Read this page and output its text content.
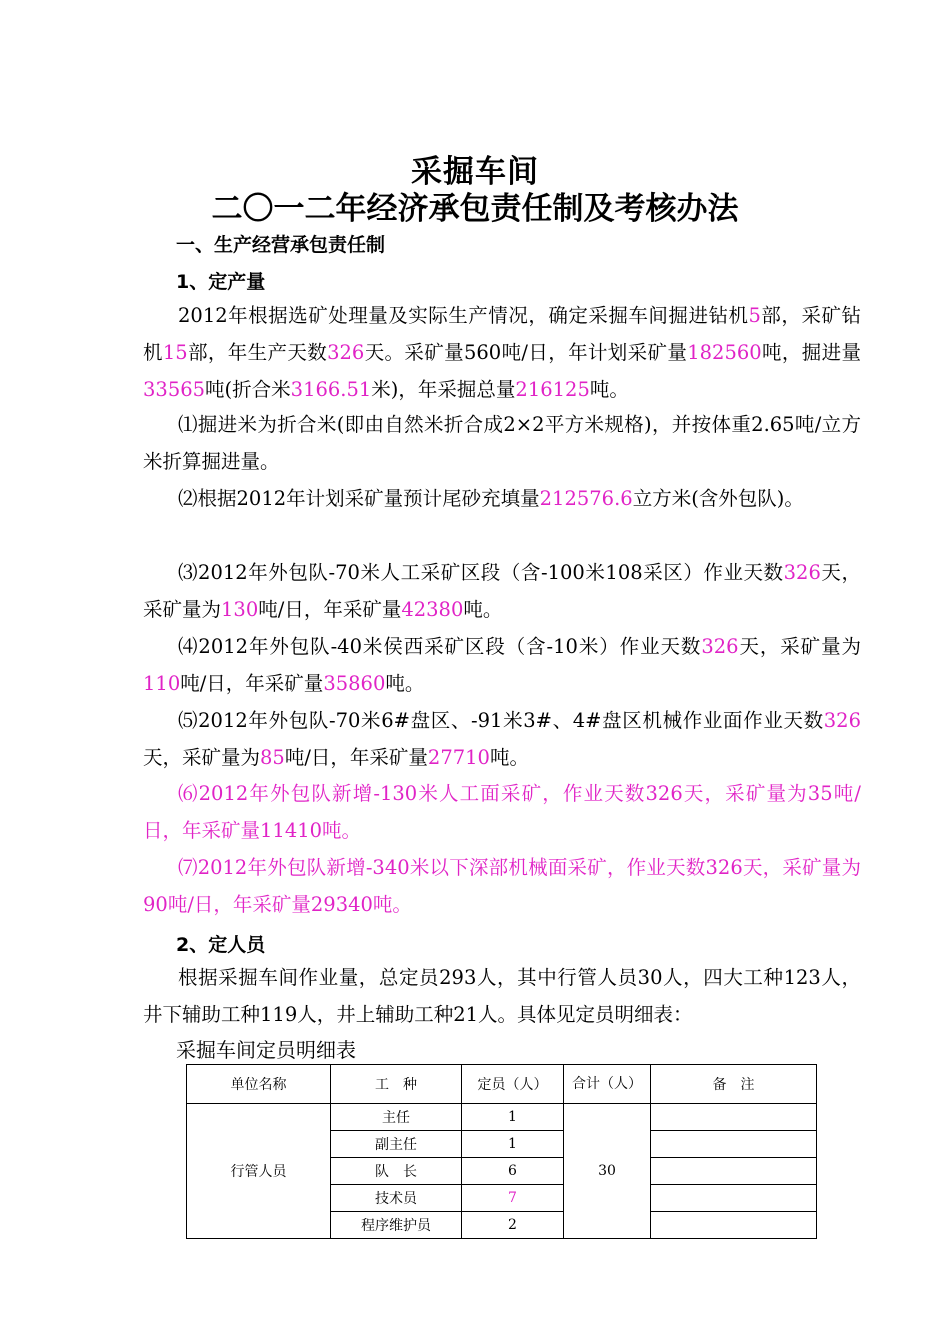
采掘车间
二〇一二年经济承包责任制及考核办法
一、生产经营承包责任制
1、定产量
2012年根据选矿处理量及实际生产情况，确定采掘车间掘进钻机5部，采矿钻机15部，年生产天数326天。采矿量560吨/日，年计划采矿量182560吨，掘进量33565吨(折合米3166.51米)，年采掘总量216125吨。
⑴掘进米为折合米(即由自然米折合成2×2平方米规格)，并按体重2.65吨/立方米折算掘进量。
⑵根据2012年计划采矿量预计尾砂充填量212576.6立方米(含外包队)。
⑶2012年外包队-70米人工采矿区段（含-100米108采区）作业天数326天，采矿量为130吨/日，年采矿量42380吨。
⑷2012年外包队-40米侯西采矿区段（含-10米）作业天数326天，采矿量为110吨/日，年采矿量35860吨。
⑸2012年外包队-70米6#盘区、-91米3#、4#盘区机械作业面作业天数326天，采矿量为85吨/日，年采矿量27710吨。
⑹2012年外包队新增-130米人工面采矿，作业天数326天，采矿量为35吨/日，年采矿量11410吨。
⑺2012年外包队新增-340米以下深部机械面采矿，作业天数326天，采矿量为90吨/日，年采矿量29340吨。
2、定人员
根据采掘车间作业量，总定员293人，其中行管人员30人，四大工种123人，井下辅助工种119人，井上辅助工种21人。具体见定员明细表：
采掘车间定员明细表
单位名称	工　种	定员（人）	合计（人）	备　注
行管人员	主任	1	30	
	副主任	1		
	队　长	6		
	技术员	7		
	程序维护员	2		
